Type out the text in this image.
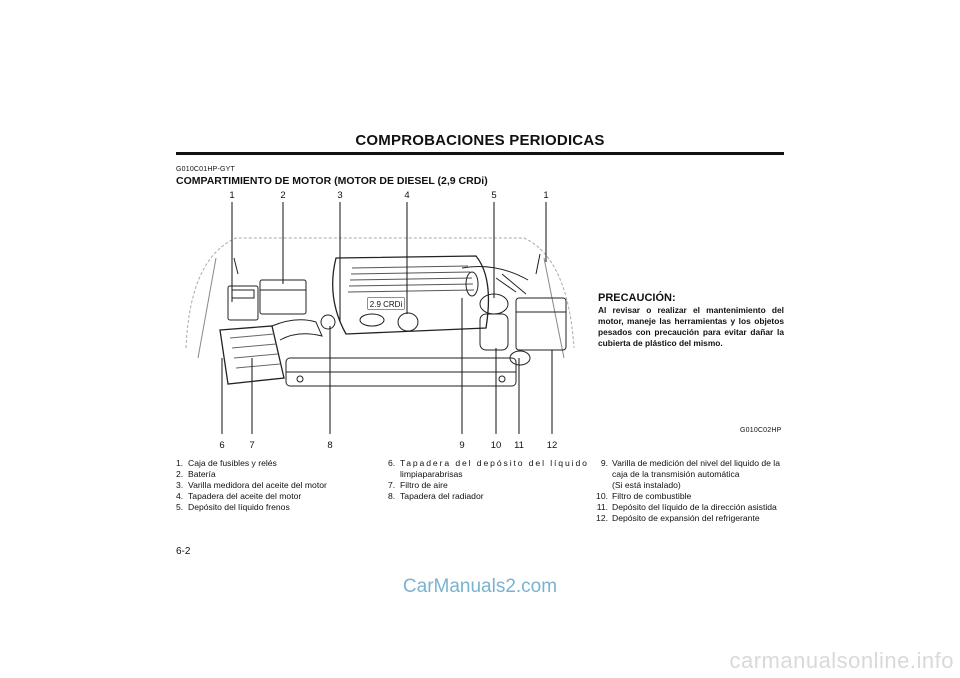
COMPROBACIONES PERIODICAS
G010C01HP-GYT
COMPARTIMIENTO DE MOTOR (MOTOR DE DIESEL (2,9 CRDi)
1	2	3	4	5	1
2.9 CRDi
6	7	8	9	10	11	12
PRECAUCIÓN:
Al revisar o realizar el mantenimiento del motor, maneje las herramientas y los objetos pesados con precaución para evitar dañar la cubierta de plástico del mismo.
G010C02HP
1. Caja de fusibles y relés
2. Batería
3. Varilla medidora del aceite del motor
4. Tapadera del aceite del motor
5. Depósito del líquido frenos
6. Tapadera del depósito del líquido
limpiaparabrisas
7. Filtro de aire
8. Tapadera del radiador
9. Varilla de medición del nivel del liquido de la
caja de la transmisión automática
(Si está instalado)
10. Filtro de combustible
11. Depósito del líquido de la dirección asistida
12. Depósito de expansión del refrigerante
6-2
CarManuals2.com
carmanualsonline.info
